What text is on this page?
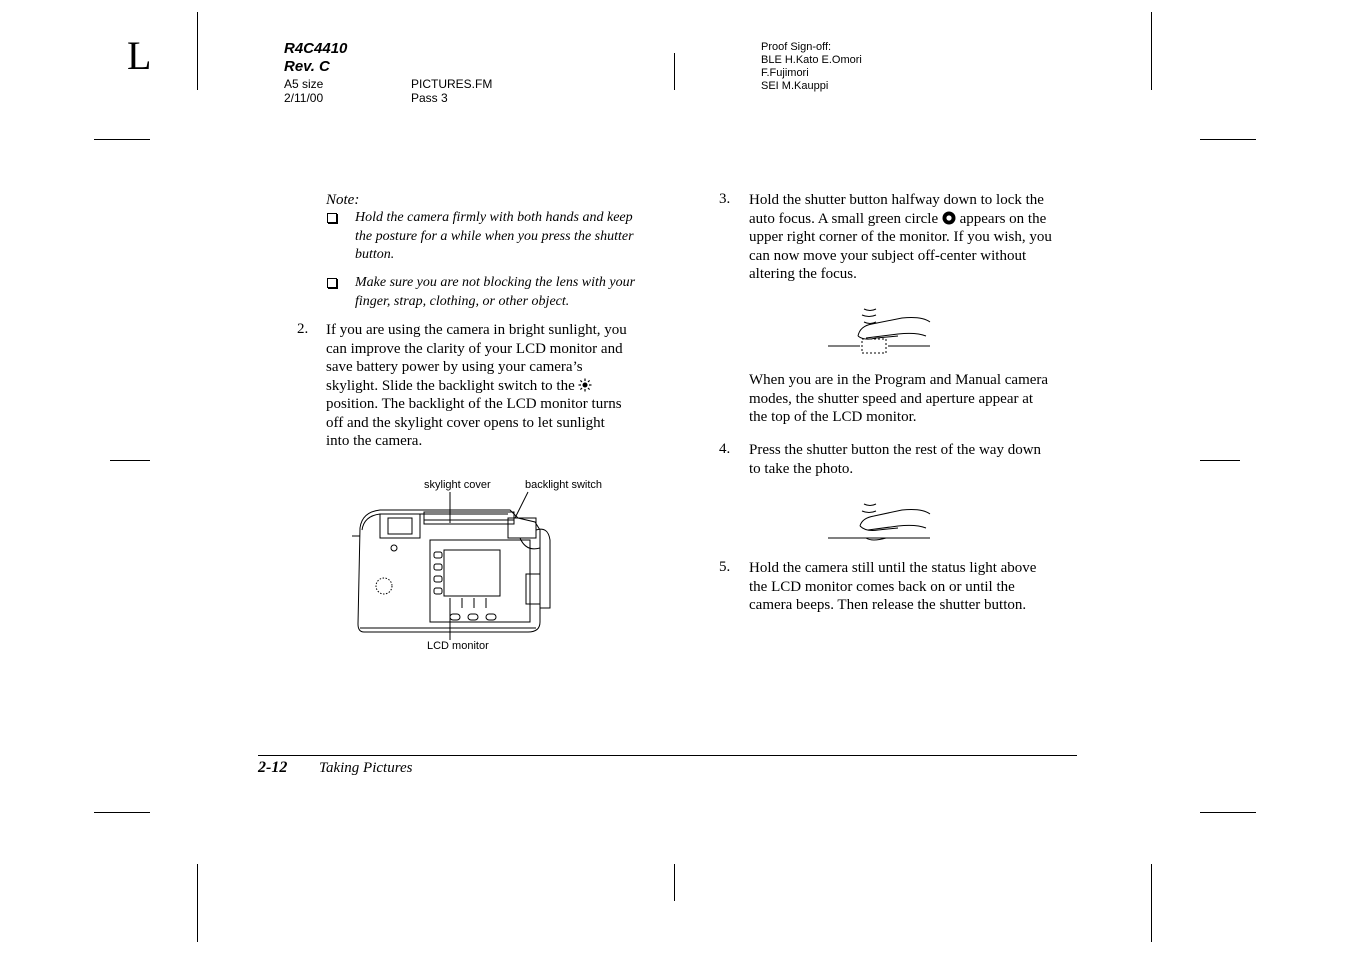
L	R4C4410
Rev. C
A5 size
2/11/00
PICTURES.FM
Pass 3
Proof Sign-off:
BLE H.Kato E.Omori
F.Fujimori
SEI M.Kauppi
Note:
Hold the camera firmly with both hands and keep
the posture for a while when you press the shutter
button.
Make sure you are not blocking the lens with your
finger, strap, clothing, or other object.
2. If you are using the camera in bright sunlight, you
can improve the clarity of your LCD monitor and
save battery power by using your camera’s
skylight. Slide the backlight switch to the
position. The backlight of the LCD monitor turns
off and the skylight cover opens to let sunlight
into the camera.
skylight cover	backlight switch
LCD monitor
3. Hold the shutter button halfway down to lock the
auto focus. A small green circle appears on the
upper right corner of the monitor. If you wish, you
can now move your subject off-center without
altering the focus.
When you are in the Program and Manual camera
modes, the shutter speed and aperture appear at
the top of the LCD monitor.
4. Press the shutter button the rest of the way down
to take the photo.
5. Hold the camera still until the status light above
the LCD monitor comes back on or until the
camera beeps. Then release the shutter button.
2-12 Taking Pictures
